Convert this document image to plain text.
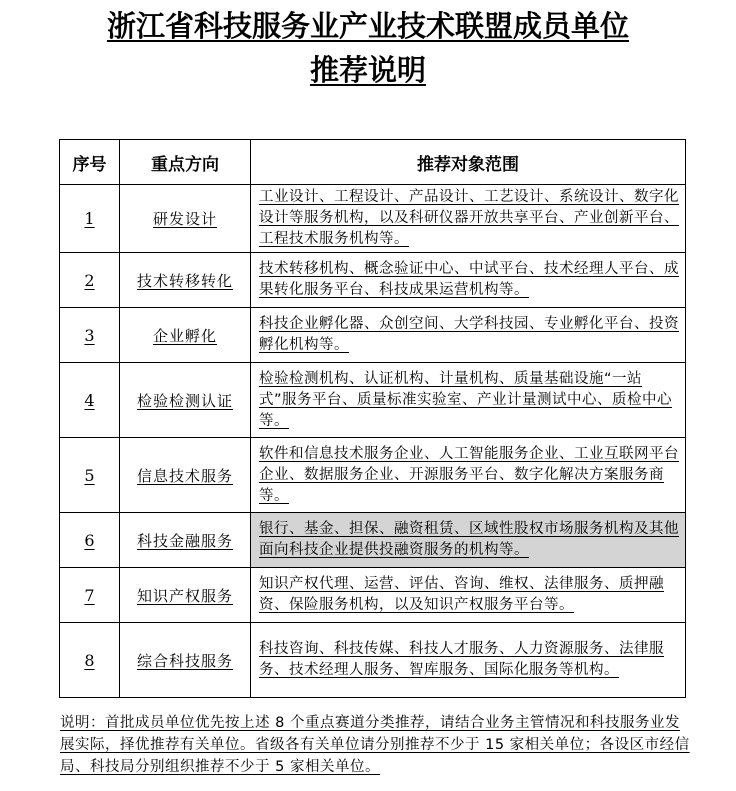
浙江省科技服务业产业技术联盟成员单位
推荐说明
序号	重点方向	推荐对象范围
1	研发设计	工业设计、工程设计、产品设计、工艺设计、系统设计、数字化设计等服务机构，以及科研仪器开放共享平台、产业创新平台、工程技术服务机构等。
2	技术转移转化	技术转移机构、概念验证中心、中试平台、技术经理人平台、成果转化服务平台、科技成果运营机构等。
3	企业孵化	科技企业孵化器、众创空间、大学科技园、专业孵化平台、投资孵化机构等。
4	检验检测认证	检验检测机构、认证机构、计量机构、质量基础设施“一站式”服务平台、质量标准实验室、产业计量测试中心、质检中心等。
5	信息技术服务	软件和信息技术服务企业、人工智能服务企业、工业互联网平台企业、数据服务企业、开源服务平台、数字化解决方案服务商等。
6	科技金融服务	银行、基金、担保、融资租赁、区域性股权市场服务机构及其他面向科技企业提供投融资服务的机构等。
7	知识产权服务	知识产权代理、运营、评估、咨询、维权、法律服务、质押融资、保险服务机构，以及知识产权服务平台等。
8	综合科技服务	科技咨询、科技传媒、科技人才服务、人力资源服务、法律服务、技术经理人服务、智库服务、国际化服务等机构。
说明：首批成员单位优先按上述 8 个重点赛道分类推荐，请结合业务主管情况和科技服务业发展实际，择优推荐有关单位。省级各有关单位请分别推荐不少于 15 家相关单位；各设区市经信局、科技局分别组织推荐不少于 5 家相关单位。
